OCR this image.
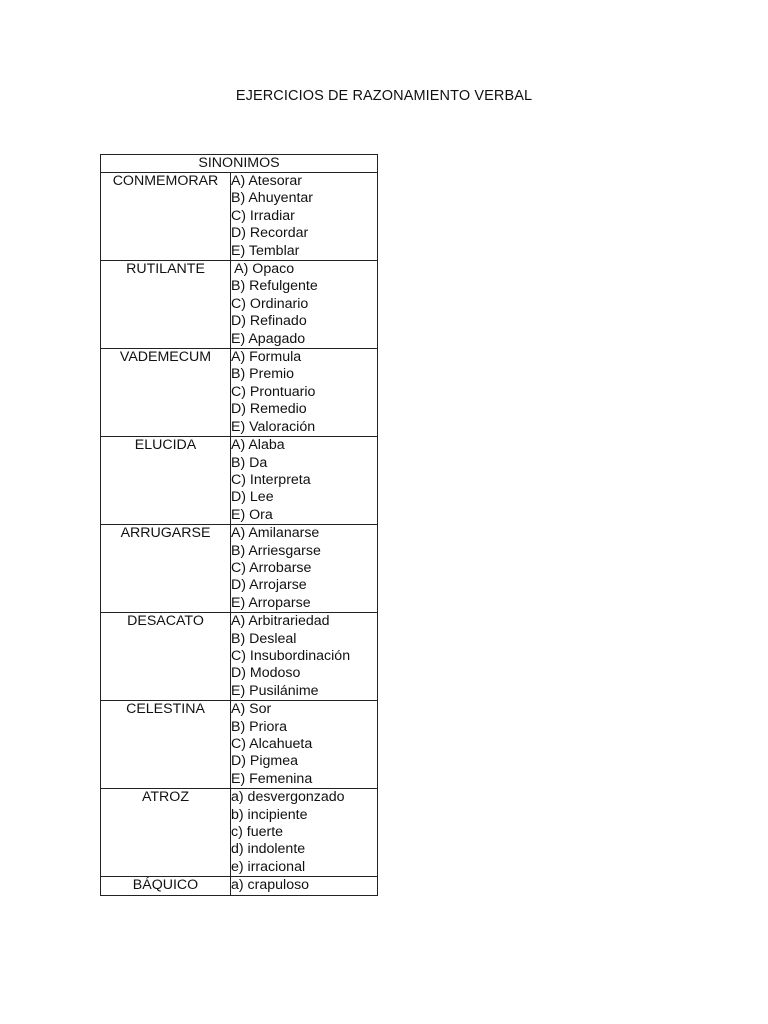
EJERCICIOS DE RAZONAMIENTO VERBAL
SINONIMOS	
CONMEMORAR	A) Atesorar
B) Ahuyentar
C) Irradiar
D) Recordar
E) Temblar

RUTILANTE	A) Opaco
B) Refulgente
C) Ordinario
D) Refinado
E) Apagado

VADEMECUM	A) Formula
B) Premio
C) Prontuario
D) Remedio
E) Valoración

ELUCIDA	A) Alaba
B) Da
C) Interpreta
D) Lee
E) Ora

ARRUGARSE	A) Amilanarse
B) Arriesgarse
C) Arrobarse
D) Arrojarse
E) Arroparse

DESACATO	A) Arbitrariedad
B) Desleal
C) Insubordinación
D) Modoso
E) Pusilánime

CELESTINA	A) Sor
B) Priora
C) Alcahueta
D) Pigmea
E) Femenina

ATROZ	a) desvergonzado
b) incipiente
c) fuerte
d) indolente
e) irracional

BÁQUICO	a) crapuloso
